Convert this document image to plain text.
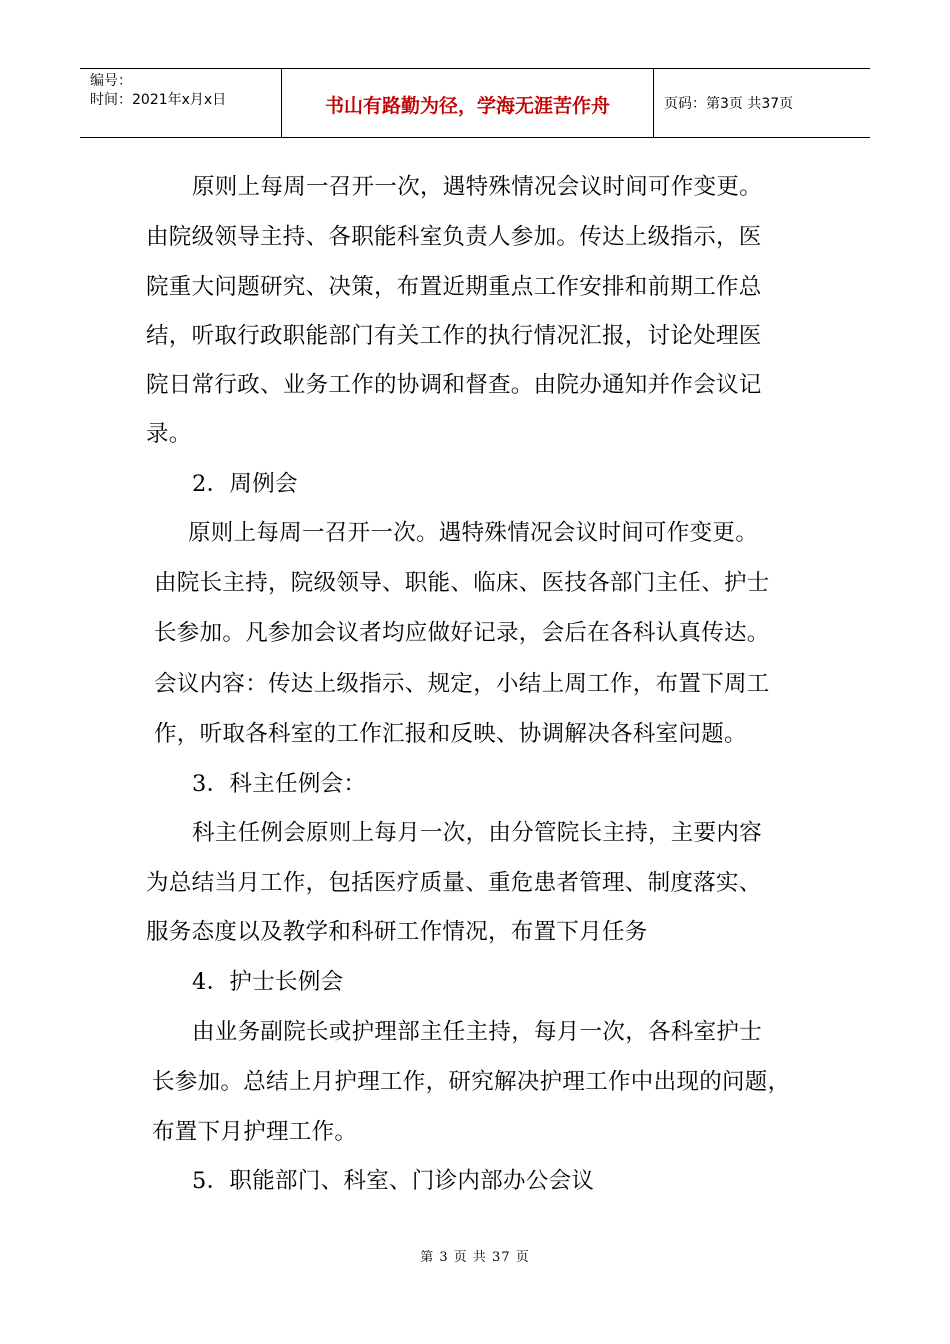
编号：
时间：2021年x月x日	书山有路勤为径，学海无涯苦作舟	页码：第3页 共37页
原则上每周一召开一次，遇特殊情况会议时间可作变更。
由院级领导主持、各职能科室负责人参加。传达上级指示，医
院重大问题研究、决策，布置近期重点工作安排和前期工作总
结，听取行政职能部门有关工作的执行情况汇报，讨论处理医
院日常行政、业务工作的协调和督查。由院办通知并作会议记
录。
2．周例会
原则上每周一召开一次。遇特殊情况会议时间可作变更。
由院长主持，院级领导、职能、临床、医技各部门主任、护士
长参加。凡参加会议者均应做好记录，会后在各科认真传达。
会议内容：传达上级指示、规定，小结上周工作，布置下周工
作，听取各科室的工作汇报和反映、协调解决各科室问题。
3．科主任例会：
科主任例会原则上每月一次，由分管院长主持，主要内容
为总结当月工作，包括医疗质量、重危患者管理、制度落实、
服务态度以及教学和科研工作情况，布置下月任务
4．护士长例会
由业务副院长或护理部主任主持，每月一次，各科室护士
长参加。总结上月护理工作，研究解决护理工作中出现的问题，
布置下月护理工作。
5．职能部门、科室、门诊内部办公会议
第 3 页 共 37 页
